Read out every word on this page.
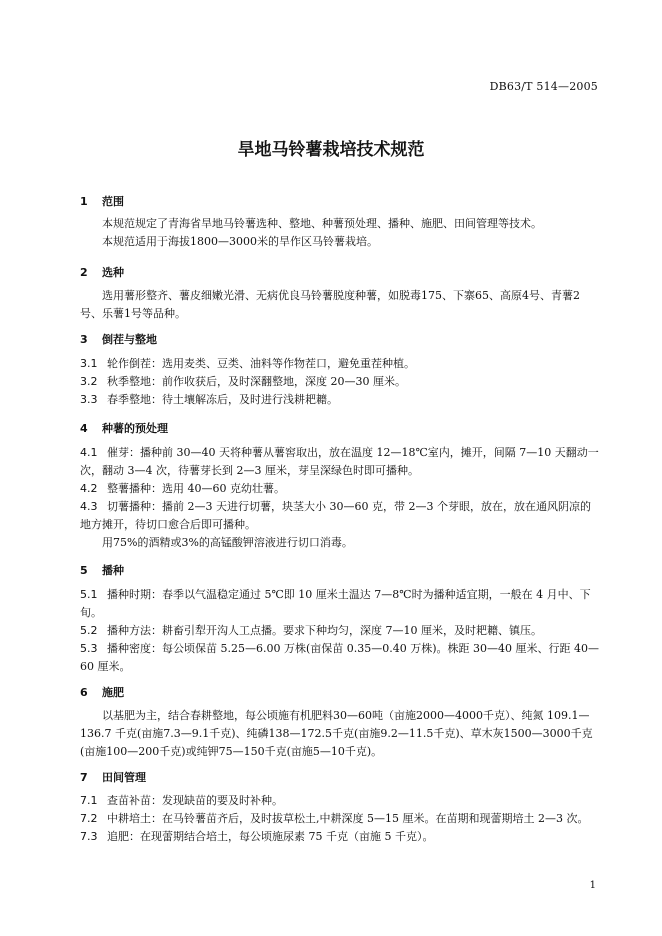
DB63/T 514—2005
旱地马铃薯栽培技术规范
1 范围
本规范规定了青海省旱地马铃薯选种、整地、种薯预处理、播种、施肥、田间管理等技术。
本规范适用于海拔1800—3000米的旱作区马铃薯栽培。
2 选种
选用薯形整齐、薯皮细嫩光滑、无病优良马铃薯脱度种薯，如脱毒175、下寨65、高原4号、青薯2号、乐薯1号等品种。
3 倒茬与整地
3.1 轮作倒茬：选用麦类、豆类、油料等作物茬口，避免重茬种植。
3.2 秋季整地：前作收获后，及时深翻整地，深度 20—30 厘米。
3.3 春季整地：待土壤解冻后，及时进行浅耕耙耱。
4 种薯的预处理
4.1 催芽：播种前 30—40 天将种薯从薯窖取出，放在温度 12—18℃室内，摊开，间隔 7—10 天翻动一次，翻动 3—4 次，待薯芽长到 2—3 厘米，芽呈深绿色时即可播种。
4.2 整薯播种：选用 40—60 克幼壮薯。
4.3 切薯播种：播前 2—3 天进行切薯，块茎大小 30—60 克，带 2—3 个芽眼，放在，放在通风阴凉的地方摊开，待切口愈合后即可播种。
用75%的酒精或3%的高锰酸钾溶液进行切口消毒。
5 播种
5.1 播种时期：春季以气温稳定通过 5℃即 10 厘米土温达 7—8℃时为播种适宜期，一般在 4 月中、下旬。
5.2 播种方法：耕畜引犁开沟人工点播。要求下种均匀，深度 7—10 厘米，及时耙耱、镇压。
5.3 播种密度：每公顷保苗 5.25—6.00 万株(亩保苗 0.35—0.40 万株)。株距 30—40 厘米、行距 40—60 厘米。
6 施肥
以基肥为主，结合春耕整地，每公顷施有机肥料30—60吨（亩施2000—4000千克）、纯氮 109.1—136.7 千克(亩施7.3—9.1千克)、纯磷138—172.5千克(亩施9.2—11.5千克)、草木灰1500—3000千克(亩施100—200千克)或纯钾75—150千克(亩施5—10千克)。
7 田间管理
7.1 查苗补苗：发现缺苗的要及时补种。
7.2 中耕培土：在马铃薯苗齐后，及时拔草松土,中耕深度 5—15 厘米。在苗期和现蕾期培土 2—3 次。
7.3 追肥：在现蕾期结合培土，每公顷施尿素 75 千克（亩施 5 千克）。
1
